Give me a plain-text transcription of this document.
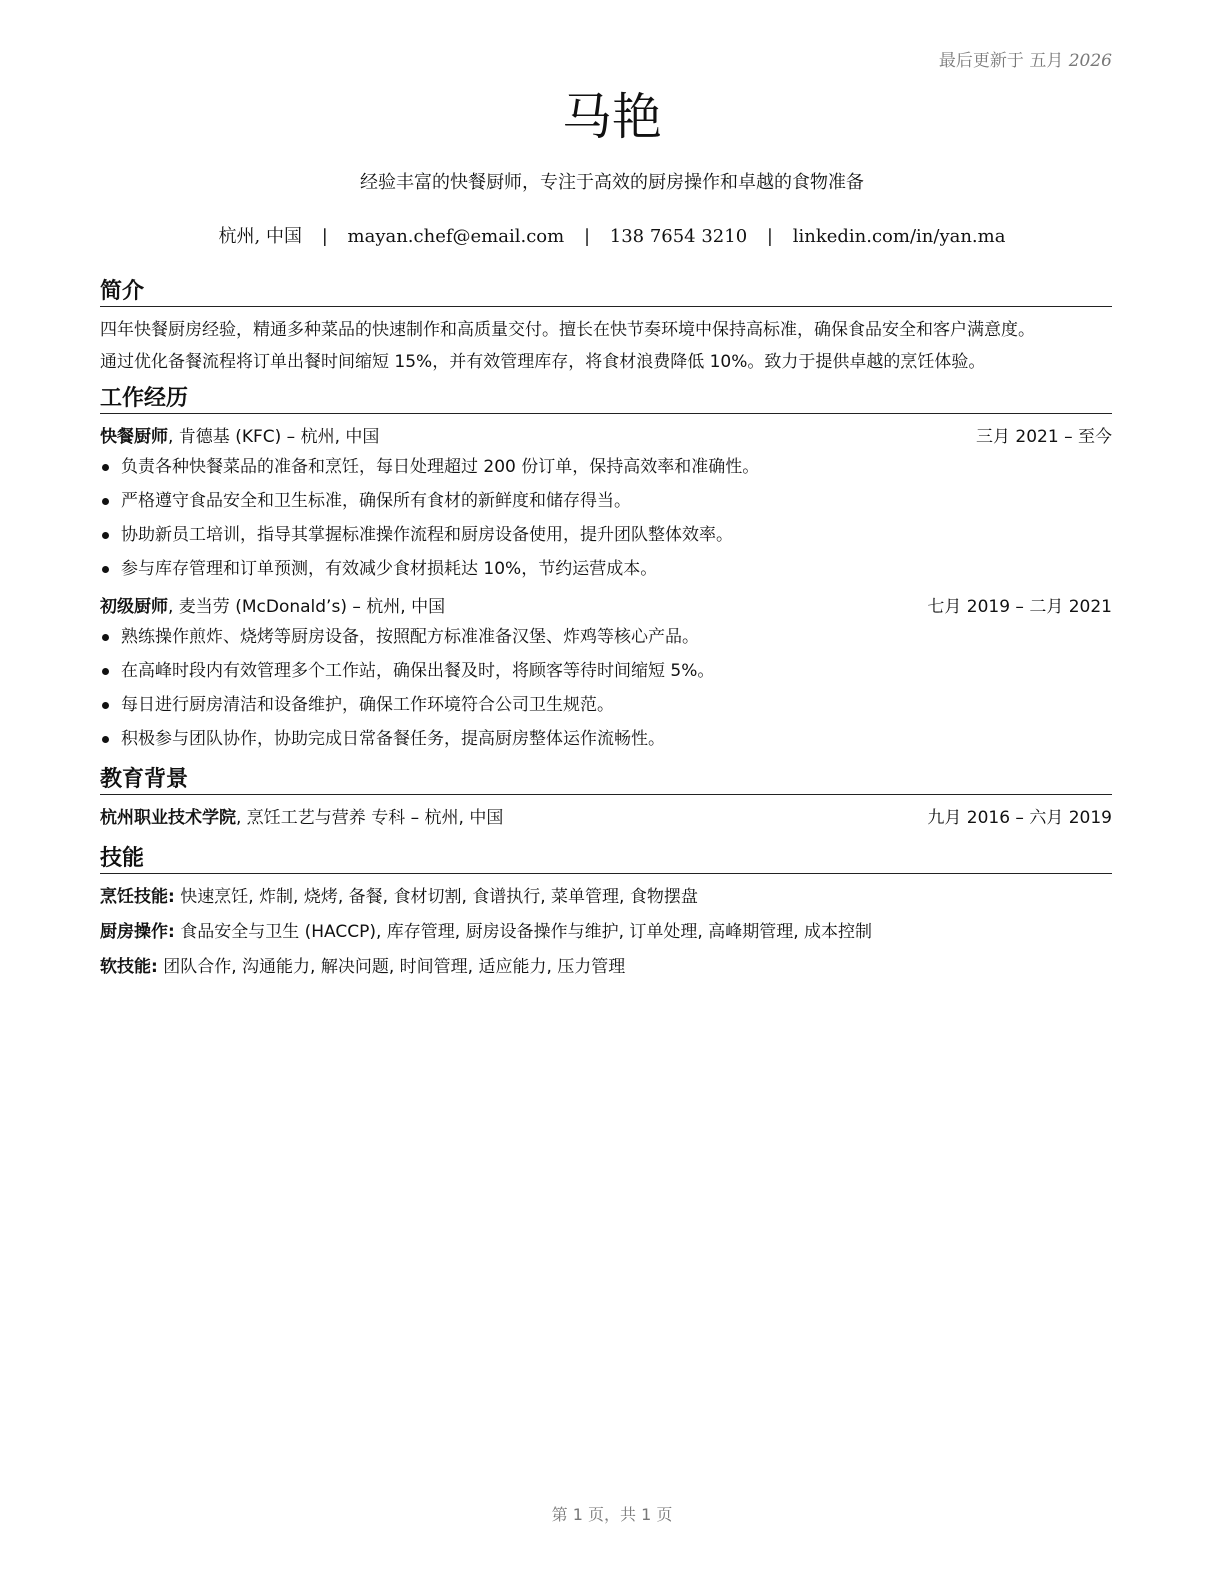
最后更新于 五月 2026
马艳
经验丰富的快餐厨师，专注于高效的厨房操作和卓越的食物准备
杭州, 中国 | mayan.chef@email.com | 138 7654 3210 | linkedin.com/in/yan.ma
简介

四年快餐厨房经验，精通多种菜品的快速制作和高质量交付。擅长在快节奏环境中保持高标准，确保食品安全和客户满意度。

通过优化备餐流程将订单出餐时间缩短 15%，并有效管理库存，将食材浪费降低 10%。致力于提供卓越的烹饪体验。

工作经历
快餐厨师, 肯德基 (KFC) – 杭州, 中国	三月 2021 – 至今
负责各种快餐菜品的准备和烹饪，每日处理超过 200 份订单，保持高效率和准确性。
严格遵守食品安全和卫生标准，确保所有食材的新鲜度和储存得当。
协助新员工培训，指导其掌握标准操作流程和厨房设备使用，提升团队整体效率。
参与库存管理和订单预测，有效减少食材损耗达 10%，节约运营成本。
初级厨师, 麦当劳 (McDonald’s) – 杭州, 中国	七月 2019 – 二月 2021
熟练操作煎炸、烧烤等厨房设备，按照配方标准准备汉堡、炸鸡等核心产品。
在高峰时段内有效管理多个工作站，确保出餐及时，将顾客等待时间缩短 5%。
每日进行厨房清洁和设备维护，确保工作环境符合公司卫生规范。
积极参与团队协作，协助完成日常备餐任务，提高厨房整体运作流畅性。
教育背景
杭州职业技术学院, 烹饪工艺与营养 专科 – 杭州, 中国	九月 2016 – 六月 2019
技能
烹饪技能: 快速烹饪, 炸制, 烧烤, 备餐, 食材切割, 食谱执行, 菜单管理, 食物摆盘
厨房操作: 食品安全与卫生 (HACCP), 库存管理, 厨房设备操作与维护, 订单处理, 高峰期管理, 成本控制
软技能: 团队合作, 沟通能力, 解决问题, 时间管理, 适应能力, 压力管理
第 1 页，共 1 页
